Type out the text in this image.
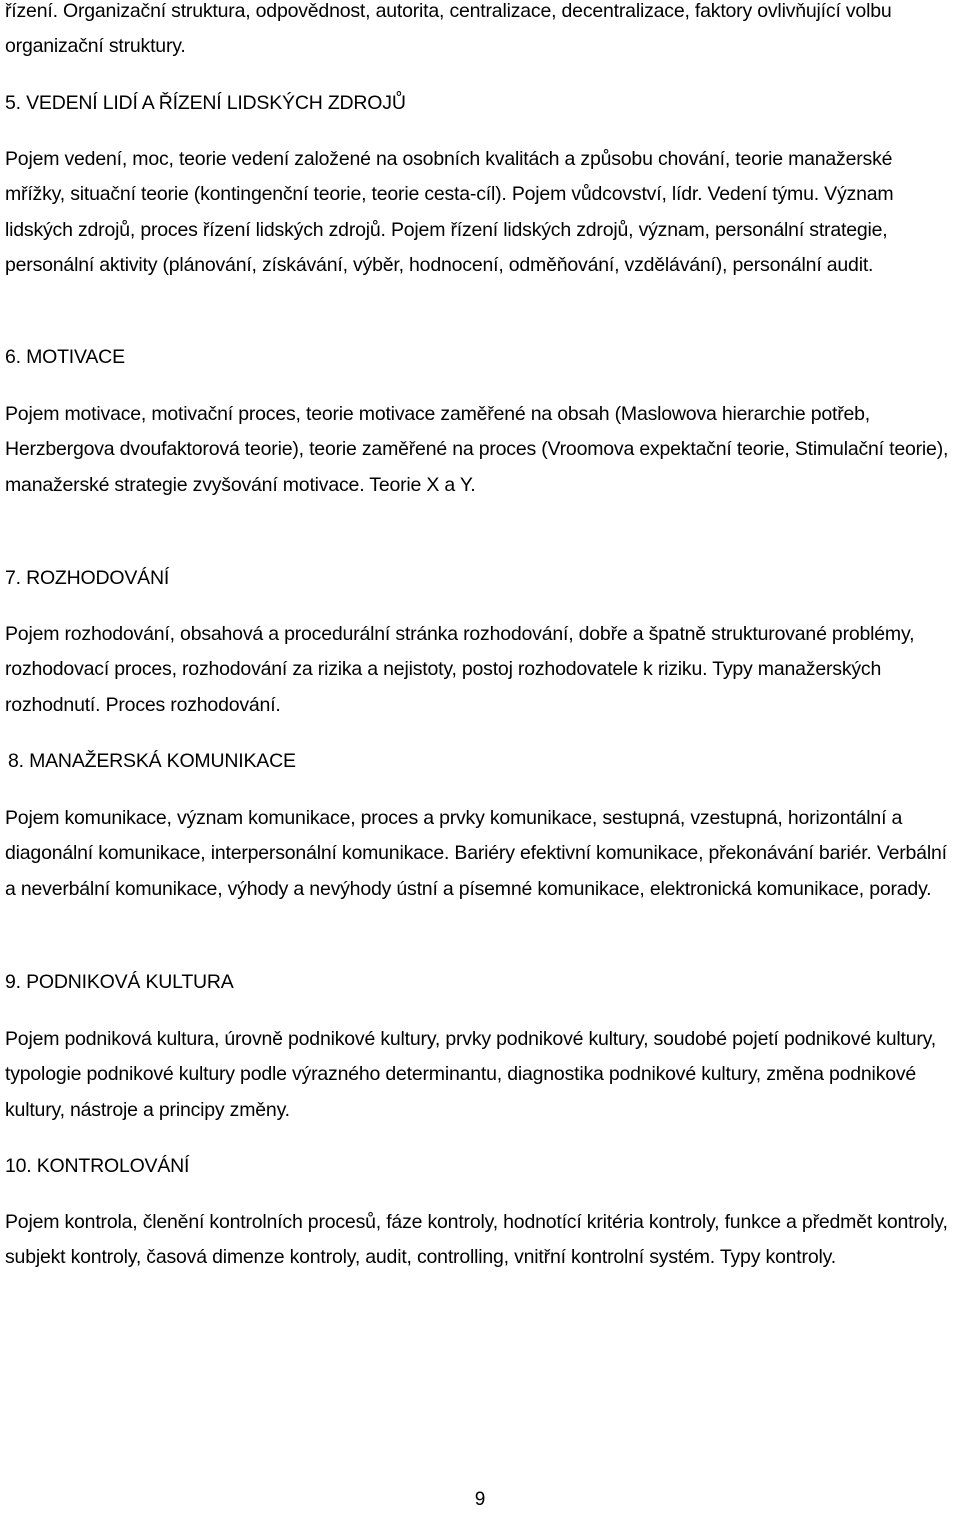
řízení. Organizační struktura, odpovědnost, autorita, centralizace, decentralizace, faktory ovlivňující volbu organizační struktury.

5. VEDENÍ LIDÍ A ŘÍZENÍ LIDSKÝCH ZDROJŮ

Pojem vedení, moc, teorie vedení založené na osobních kvalitách a způsobu chování, teorie manažerské mřížky, situační teorie (kontingenční teorie, teorie cesta-cíl). Pojem vůdcovství, lídr. Vedení týmu. Význam lidských zdrojů, proces řízení lidských zdrojů. Pojem řízení lidských zdrojů, význam, personální strategie, personální aktivity (plánování, získávání, výběr, hodnocení, odměňování, vzdělávání), personální audit.

6. MOTIVACE

Pojem motivace, motivační proces, teorie motivace zaměřené na obsah (Maslowova hierarchie potřeb, Herzbergova dvoufaktorová teorie), teorie zaměřené na proces (Vroomova expektační teorie, Stimulační teorie), manažerské strategie zvyšování motivace. Teorie X a Y.

7. ROZHODOVÁNÍ

Pojem rozhodování, obsahová a procedurální stránka rozhodování, dobře a špatně strukturované problémy, rozhodovací proces, rozhodování za rizika a nejistoty, postoj rozhodovatele k riziku. Typy manažerských rozhodnutí. Proces rozhodování.

8. MANAŽERSKÁ KOMUNIKACE

Pojem komunikace, význam komunikace, proces a prvky komunikace, sestupná, vzestupná, horizontální a diagonální komunikace, interpersonální komunikace. Bariéry efektivní komunikace, překonávání bariér. Verbální a neverbální komunikace, výhody a nevýhody ústní a písemné komunikace, elektronická komunikace, porady.

9. PODNIKOVÁ KULTURA

Pojem podniková kultura, úrovně podnikové kultury, prvky podnikové kultury, soudobé pojetí podnikové kultury, typologie podnikové kultury podle výrazného determinantu, diagnostika podnikové kultury, změna podnikové kultury, nástroje a principy změny.

10. KONTROLOVÁNÍ

Pojem kontrola, členění kontrolních procesů, fáze kontroly, hodnotící kritéria kontroly, funkce a předmět kontroly, subjekt kontroly, časová dimenze kontroly, audit, controlling, vnitřní kontrolní systém. Typy kontroly.

9
